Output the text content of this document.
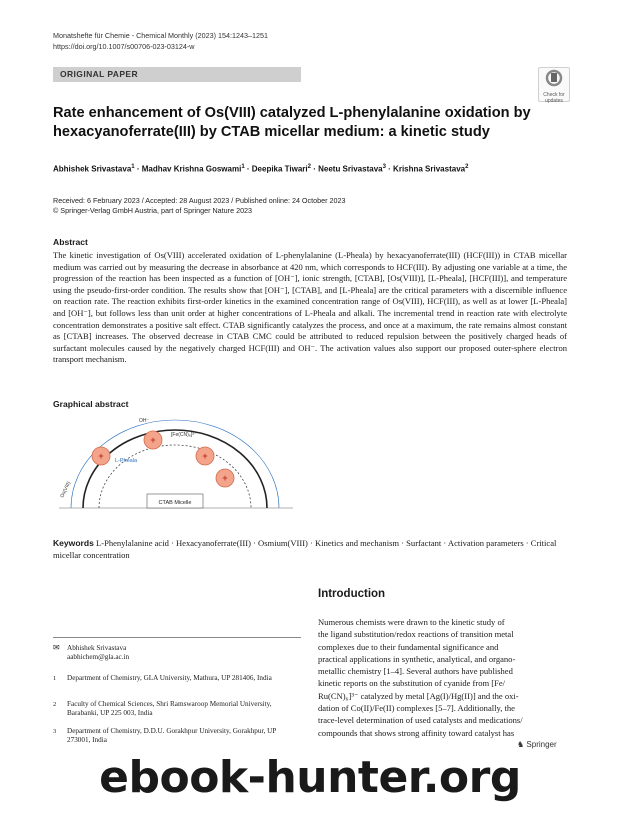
Monatshefte für Chemie - Chemical Monthly (2023) 154:1243–1251
https://doi.org/10.1007/s00706-023-03124-w
ORIGINAL PAPER
Check for
updates
Rate enhancement of Os(VIII) catalyzed L-phenylalanine oxidation by hexacyanoferrate(III) by CTAB micellar medium: a kinetic study
Abhishek Srivastava$^1$ · Madhav Krishna Goswami$^1$ · Deepika Tiwari$^2$ · Neetu Srivastava$^3$ · Krishna Srivastava$^2$
Received: 6 February 2023 / Accepted: 28 August 2023 / Published online: 24 October 2023
© Springer-Verlag GmbH Austria, part of Springer Nature 2023
Abstract
The kinetic investigation of Os(VIII) accelerated oxidation of L-phenylalanine (L-Pheala) by hexacyanoferrate(III) (HCF(III)) in CTAB micellar medium was carried out by measuring the decrease in absorbance at 420 nm, which corresponds to HCF(III). By adjusting one variable at a time, the progression of the reaction has been inspected as a function of [OH⁻], ionic strength, [CTAB], [Os(VIII)], [L-Pheala], [HCF(III)], and temperature using the pseudo-first-order condition. The results show that [OH⁻], [CTAB], and [L-Pheala] are the critical parameters with a discernible influence on reaction rate. The reaction exhibits first-order kinetics in the examined concentration range of Os(VIII), HCF(III), as well as at lower [L-Pheala] and [OH⁻], but follows less than unit order at higher concentrations of L-Pheala and alkali. The incremental trend in reaction rate with electrolyte concentration demonstrates a positive salt effect. CTAB significantly catalyzes the process, and once at a maximum, the rate remains almost constant as [CTAB] increases. The observed decrease in CTAB CMC could be attributed to reduced repulsion between the positively charged heads of surfactant molecules caused by the negatively charged HCF(III) and OH⁻. The activation values also support our proposed outer-sphere electron transport mechanism.
Graphical abstract
+
+
+
+
Os(VIII)
[Fe(CN)₆]³⁻
OH⁻
L-Pheala
CTAB Micelle
Keywords L-Phenylalanine acid · Hexacyanoferrate(III) · Osmium(VIII) · Kinetics and mechanism · Surfactant · Activation parameters · Critical micellar concentration
Introduction
Numerous chemists were drawn to the kinetic study of
the ligand substitution/redox reactions of transition metal
complexes due to their fundamental significance and
practical applications in synthetic, analytical, and organo-
metallic chemistry [1–4]. Several authors have published
kinetic reports on the substitution of cyanide from [Fe/
Ru(CN)₆]³⁻ catalyzed by metal [Ag(I)/Hg(II)] and the oxi-
dation of Co(II)/Fe(II) complexes [5–7]. Additionally, the
trace-level determination of used catalysts and medications/
compounds that shows strong affinity toward catalyst has
✉ Abhishek Srivastava
aabhichem@gla.ac.in
1 Department of Chemistry, GLA University, Mathura, UP 281406, India
2 Faculty of Chemical Sciences, Shri Ramswaroop Memorial University, Barabanki, UP 225 003, India
3 Department of Chemistry, D.D.U. Gorakhpur University, Gorakhpur, UP 273001, India	♞ Springer
ebook-hunter.org
